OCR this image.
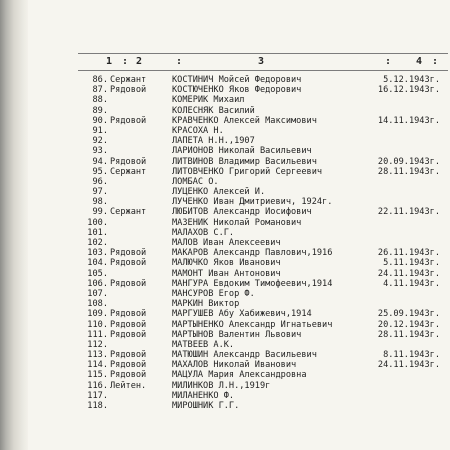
1 : 2	:	3	: 4 :
86. Сержант	КОСТИНИЧ Мойсей Федорович	5.12.1943г.
87. Рядовой	КОСТЮЧЕНКО Яков Федорович	16.12.1943г.
88.	КОМЕРИК Михаил
89.	КОЛЕСНЯК Василий
90. Рядовой	КРАВЧЕНКО Алексей Максимович	14.11.1943г.
91.	КРАСОХА Н.
92.	ЛАПЕТА Н.Н.,1907
93.	ЛАРИОНОВ Николай Васильевич
94. Рядовой	ЛИТВИНОВ Владимир Васильевич	20.09.1943г.
95. Сержант	ЛИТОВЧЕНКО Григорий Сергеевич	28.11.1943г.
96.	ЛОМБАС О.
97.	ЛУЦЕНКО Алексей И.
98.	ЛУЧЕНКО Иван Дмитриевич, 1924г.
99. Сержант	ЛЮБИТОВ Александр Иосифович	22.11.1943г.
100.	МАЗЕНИК Николай Романович
101.	МАЛАХОВ С.Г.
102.	МАЛОВ Иван Алексеевич
103. Рядовой	МАКАРОВ Александр Павлович,1916	26.11.1943г.
104. Рядовой	МАЛЮЧКО Яков Иванович	5.11.1943г.
105.	МАМОНТ Иван Антонович	24.11.1943г.
106. Рядовой	МАНГУРА Евдоким Тимофеевич,1914	4.11.1943г.
107.	МАНСУРОВ Егор Ф.
108.	МАРКИН Виктор
109. Рядовой	МАРГУШЕВ Абу Хабижевич,1914	25.09.1943г.
110. Рядовой	МАРТЫНЕНКО Александр Игнатьевич	20.12.1943г.
111. Рядовой	МАРТЫНОВ Валентин Львович	28.11.1943г.
112.	МАТВЕЕВ А.К.
113. Рядовой	МАТЮШИН Александр Васильевич	8.11.1943г.
114. Рядовой	МАХАЛОВ Николай Иванович	24.11.1943г.
115. Рядовой	МАЦУЛА Мария Александровна
116. Лейтен.	МИЛИНКОВ Л.Н.,1919г
117.	МИЛАНЕНКО Ф.
118.	МИРОШНИК Г.Г.
